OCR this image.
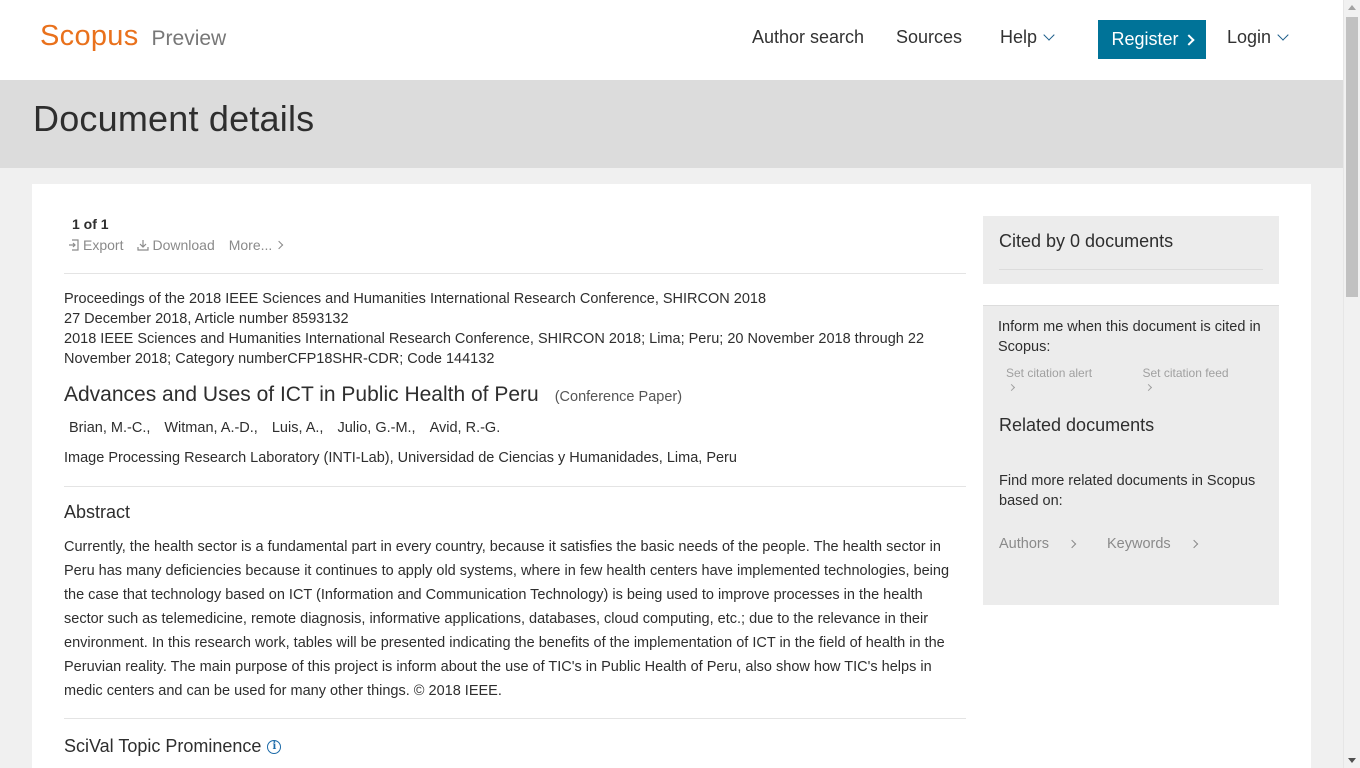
Scopus Preview	Author search Sources Help	Register	Login
Document details
1 of 1
Export Download More...
Proceedings of the 2018 IEEE Sciences and Humanities International Research Conference, SHIRCON 2018
27 December 2018, Article number 8593132
2018 IEEE Sciences and Humanities International Research Conference, SHIRCON 2018; Lima; Peru; 20 November 2018 through 22 November 2018; Category numberCFP18SHR-CDR; Code 144132
Advances and Uses of ICT in Public Health of Peru (Conference Paper)
Brian, M.-C., Witman, A.-D., Luis, A., Julio, G.-M., Avid, R.-G.
Image Processing Research Laboratory (INTI-Lab), Universidad de Ciencias y Humanidades, Lima, Peru
Abstract

Currently, the health sector is a fundamental part in every country, because it satisfies the basic needs of the people. The health sector in Peru has many deficiencies because it continues to apply old systems, where in few health centers have implemented technologies, being the case that technology based on ICT (Information and Communication Technology) is being used to improve processes in the health sector such as telemedicine, remote diagnosis, informative applications, databases, cloud computing, etc.; due to the relevance in their environment. In this research work, tables will be presented indicating the benefits of the implementation of ICT in the field of health in the Peruvian reality. The main purpose of this project is inform about the use of TIC's in Public Health of Peru, also show how TIC's helps in medic centers and can be used for many other things. © 2018 IEEE.

SciVal Topic Prominence	i
Cited by 0 documents
Inform me when this document is cited in Scopus:
Set citation alert	Set citation feed
Related documents
Find more related documents in Scopus based on:
Authors	Keywords
